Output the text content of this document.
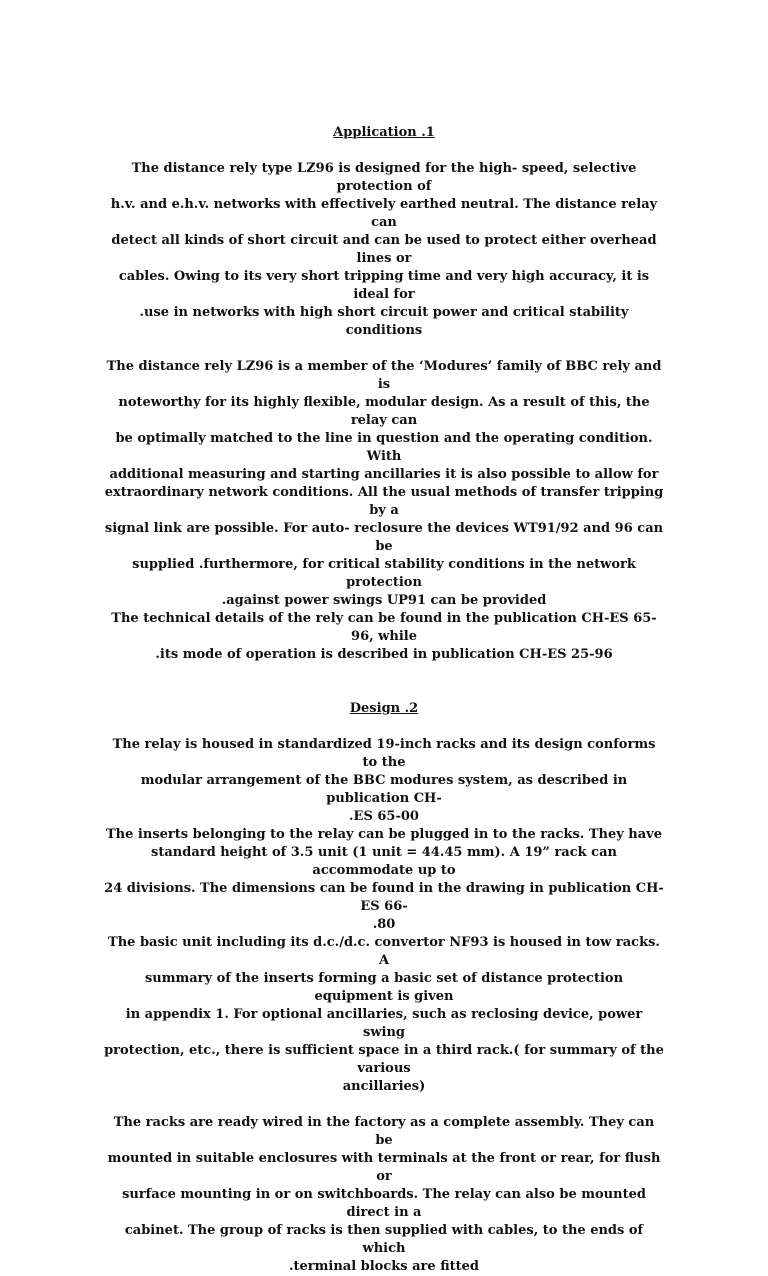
Application .1
The distance rely type LZ96 is designed for the high- speed, selective protection of
h.v. and e.h.v. networks with effectively earthed neutral. The distance relay can
detect all kinds of short circuit and can be used to protect either overhead lines or
cables. Owing to its very short tripping time and very high accuracy, it is ideal for
.use in networks with high short circuit power and critical stability conditions
The distance rely LZ96 is a member of the ‘Modures’ family of BBC rely and is
noteworthy for its highly flexible, modular design. As a result of this, the relay can
be optimally matched to the line in question and the operating condition. With
additional measuring and starting ancillaries it is also possible to allow for
extraordinary network conditions. All the usual methods of transfer tripping by a
signal link are possible. For auto- reclosure the devices WT91/92 and 96 can be
supplied .furthermore, for critical stability conditions in the network protection
.against power swings UP91 can be provided
The technical details of the rely can be found in the publication CH-ES 65-96, while
.its mode of operation is described in publication CH-ES 25-96
Design .2
The relay is housed in standardized 19-inch racks and its design conforms to the
modular arrangement of the BBC modures system, as described in publication CH-
.ES 65-00
The inserts belonging to the relay can be plugged in to the racks. They have
standard height of 3.5 unit (1 unit = 44.45 mm). A 19” rack can accommodate up to
24 divisions. The dimensions can be found in the drawing in publication CH-ES 66-
.80
The basic unit including its d.c./d.c. convertor NF93 is housed in tow racks. A
summary of the inserts forming a basic set of distance protection equipment is given
in appendix 1. For optional ancillaries, such as reclosing device, power swing
protection, etc., there is sufficient space in a third rack.( for summary of the various
ancillaries)
The racks are ready wired in the factory as a complete assembly. They can be
mounted in suitable enclosures with terminals at the front or rear, for flush or
surface mounting in or on switchboards. The relay can also be mounted direct in a
cabinet. The group of racks is then supplied with cables, to the ends of which
.terminal blocks are fitted
